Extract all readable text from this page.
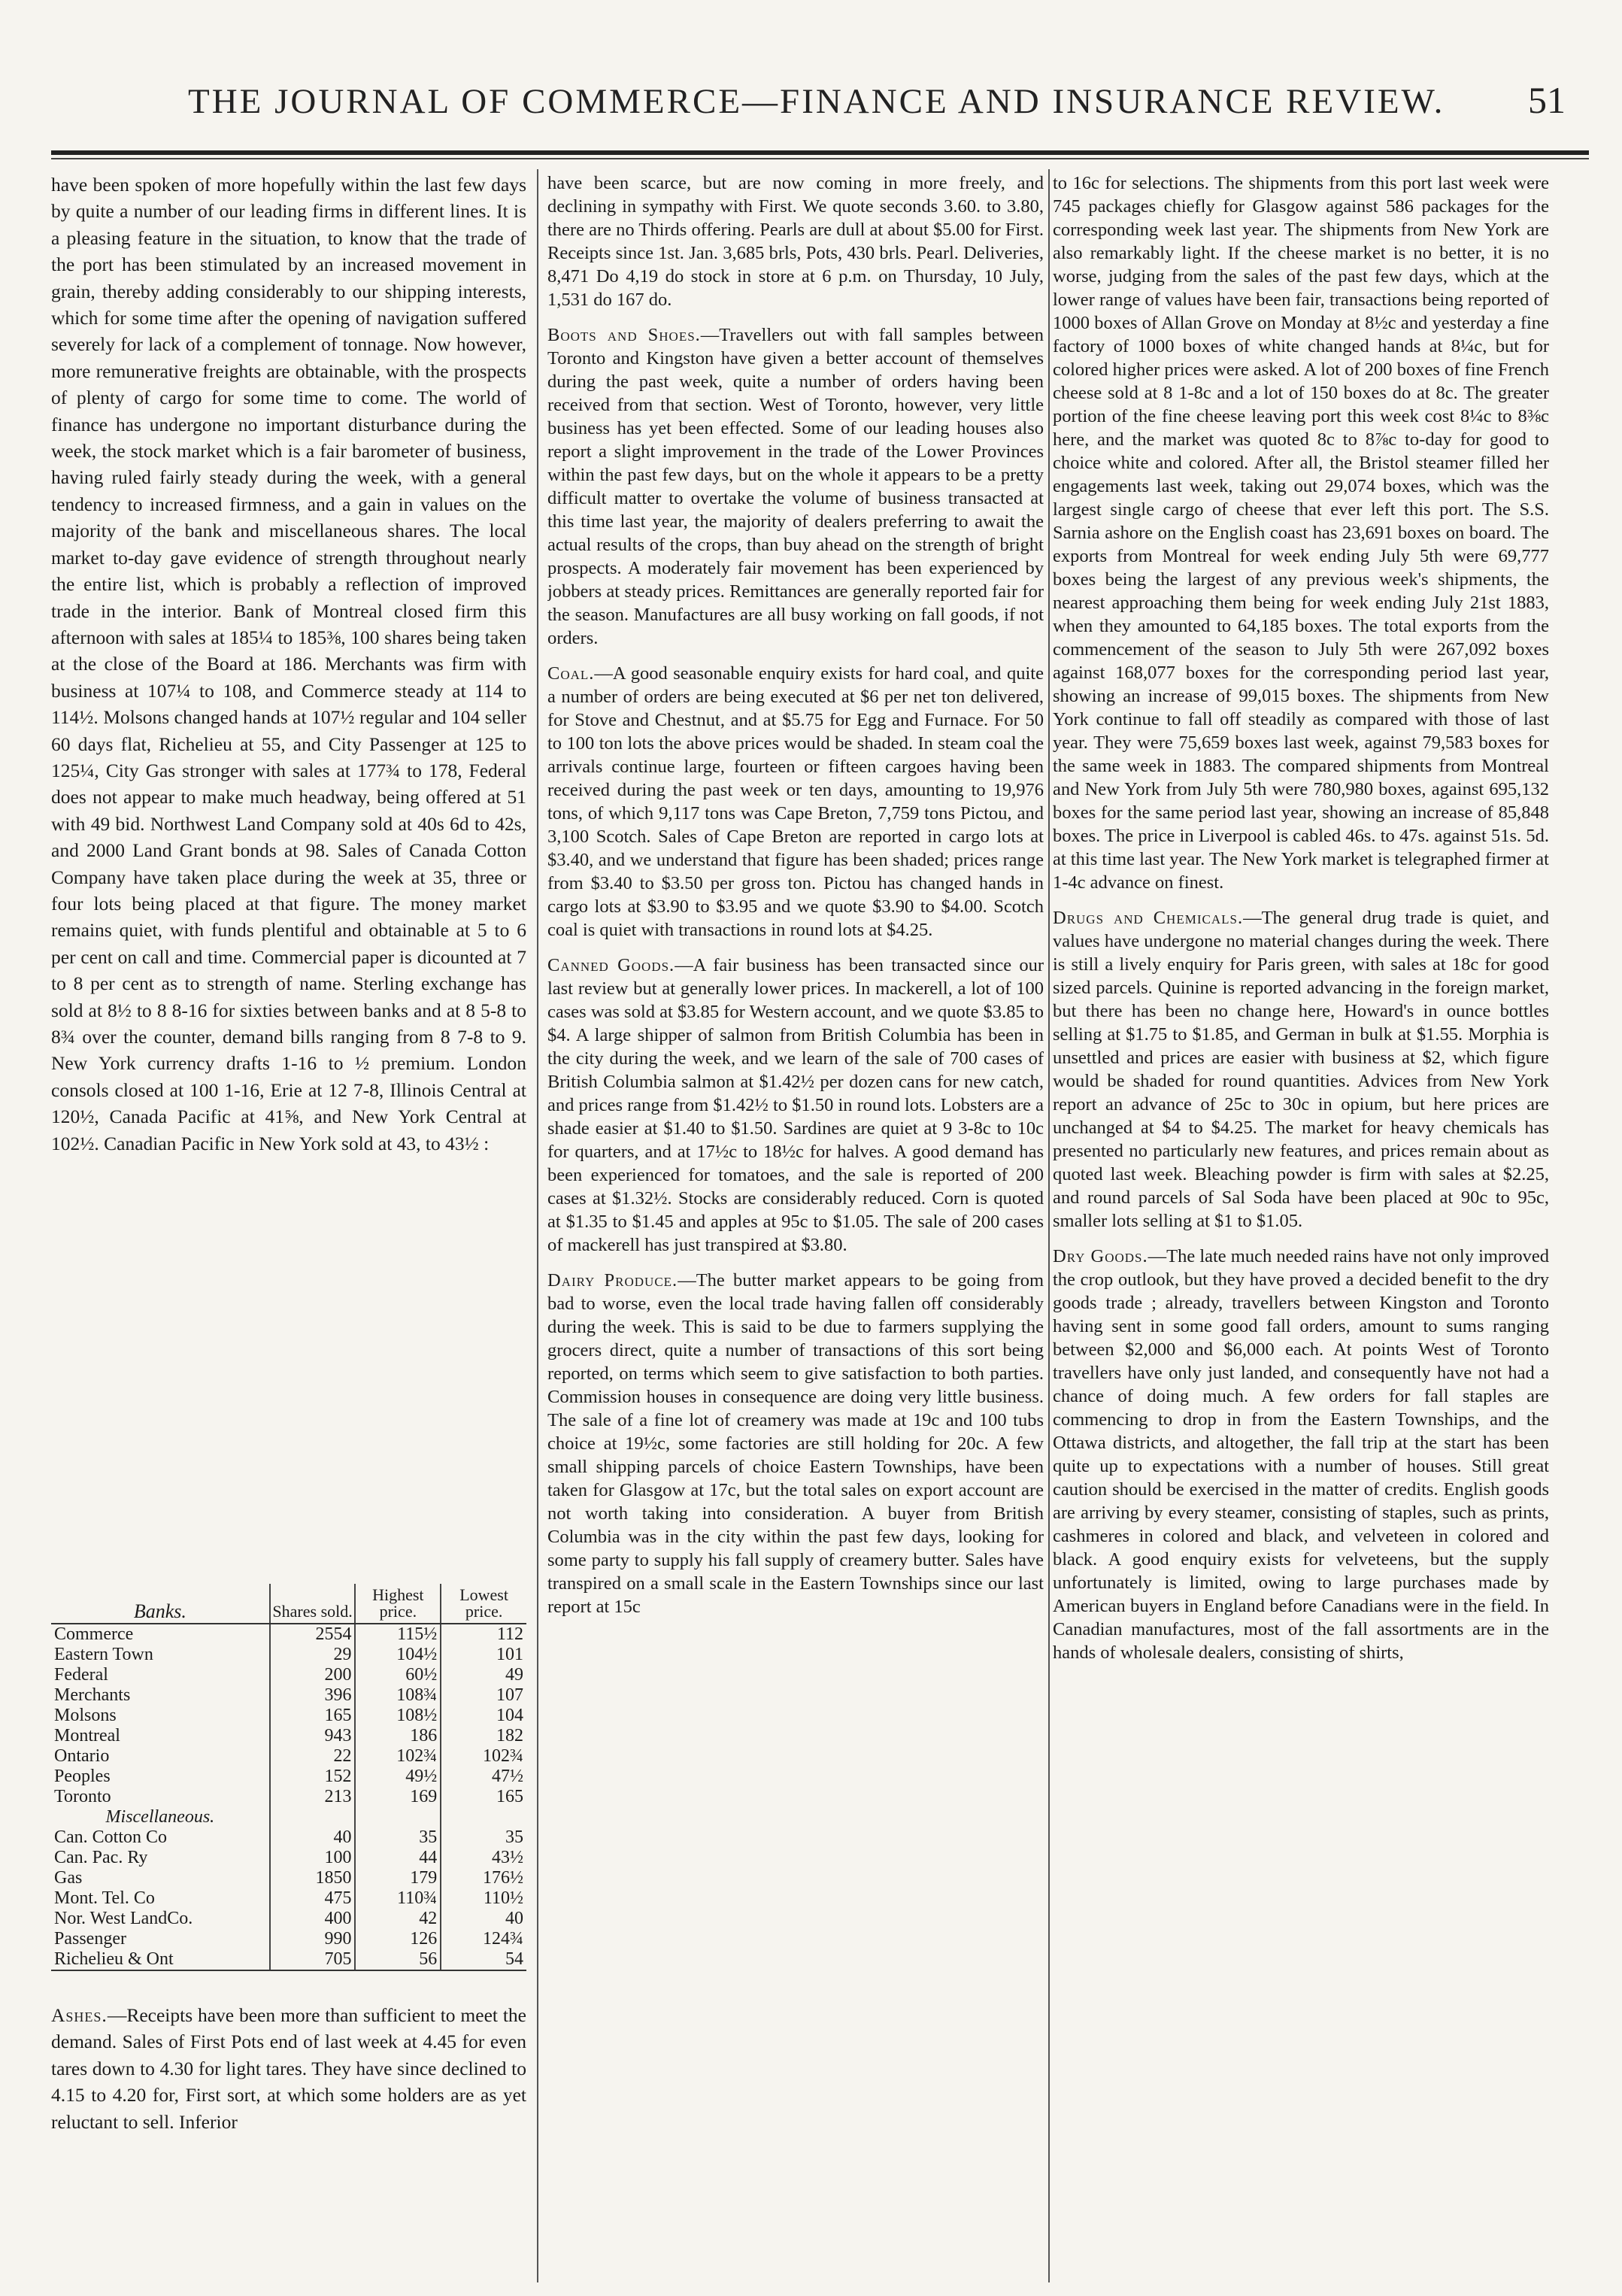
THE JOURNAL OF COMMERCE—FINANCE AND INSURANCE REVIEW. 51

have been spoken of more hopefully within the last few days by quite a number of our leading firms in different lines. It is a pleasing feature in the situation, to know that the trade of the port has been stimulated by an increased movement in grain, thereby adding considerably to our shipping interests, which for some time after the opening of navigation suffered severely for lack of a complement of tonnage. Now however, more remunerative freights are obtainable, with the prospects of plenty of cargo for some time to come. The world of finance has undergone no important disturbance during the week, the stock market which is a fair barometer of business, having ruled fairly steady during the week, with a general tendency to increased firmness, and a gain in values on the majority of the bank and miscellaneous shares. The local market to-day gave evidence of strength throughout nearly the entire list, which is probably a reflection of improved trade in the interior. Bank of Montreal closed firm this afternoon with sales at 185¼ to 185⅜, 100 shares being taken at the close of the Board at 186. Merchants was firm with business at 107¼ to 108, and Commerce steady at 114 to 114½. Molsons changed hands at 107½ regular and 104 seller 60 days flat, Richelieu at 55, and City Passenger at 125 to 125¼, City Gas stronger with sales at 177¾ to 178, Federal does not appear to make much headway, being offered at 51 with 49 bid. Northwest Land Company sold at 40s 6d to 42s, and 2000 Land Grant bonds at 98. Sales of Canada Cotton Company have taken place during the week at 35, three or four lots being placed at that figure. The money market remains quiet, with funds plentiful and obtainable at 5 to 6 per cent on call and time. Commercial paper is dicounted at 7 to 8 per cent as to strength of name. Sterling exchange has sold at 8½ to 8 8-16 for sixties between banks and at 8 5-8 to 8¾ over the counter, demand bills ranging from 8 7-8 to 9. New York currency drafts 1-16 to ½ premium. London consols closed at 100 1-16, Erie at 12 7-8, Illinois Central at 120½, Canada Pacific at 41⅝, and New York Central at 102½. Canadian Pacific in New York sold at 43, to 43½ :

Banks.	Shares sold.	Highest price.	Lowest price.
Commerce	2554	115½	112
Eastern Town	29	104½	101
Federal	200	60½	49
Merchants	396	108¾	107
Molsons	165	108½	104
Montreal	943	186	182
Ontario	22	102¾	102¾
Peoples	152	49½	47½
Toronto	213	169	165
Miscellaneous.			
Can. Cotton Co	40	35	35
Can. Pac. Ry	100	44	43½
Gas	1850	179	176½
Mont. Tel. Co	475	110¾	110½
Nor. West LandCo.	400	42	40
Passenger	990	126	124¾
Richelieu & Ont	705	56	54

Ashes.—Receipts have been more than sufficient to meet the demand. Sales of First Pots end of last week at 4.45 for even tares down to 4.30 for light tares. They have since declined to 4.15 to 4.20 for, First sort, at which some holders are as yet reluctant to sell. Inferior

have been scarce, but are now coming in more freely, and declining in sympathy with First. We quote seconds 3.60. to 3.80, there are no Thirds offering. Pearls are dull at about $5.00 for First. Receipts since 1st. Jan. 3,685 brls, Pots, 430 brls. Pearl. Deliveries, 8,471 Do 4,19 do stock in store at 6 p.m. on Thursday, 10 July, 1,531 do 167 do.

Boots and Shoes.—Travellers out with fall samples between Toronto and Kingston have given a better account of themselves during the past week, quite a number of orders having been received from that section. West of Toronto, however, very little business has yet been effected. Some of our leading houses also report a slight improvement in the trade of the Lower Provinces within the past few days, but on the whole it appears to be a pretty difficult matter to overtake the volume of business transacted at this time last year, the majority of dealers preferring to await the actual results of the crops, than buy ahead on the strength of bright prospects. A moderately fair movement has been experienced by jobbers at steady prices. Remittances are generally reported fair for the season. Manufactures are all busy working on fall goods, if not orders.

Coal.—A good seasonable enquiry exists for hard coal, and quite a number of orders are being executed at $6 per net ton delivered, for Stove and Chestnut, and at $5.75 for Egg and Furnace. For 50 to 100 ton lots the above prices would be shaded. In steam coal the arrivals continue large, fourteen or fifteen cargoes having been received during the past week or ten days, amounting to 19,976 tons, of which 9,117 tons was Cape Breton, 7,759 tons Pictou, and 3,100 Scotch. Sales of Cape Breton are reported in cargo lots at $3.40, and we understand that figure has been shaded; prices range from $3.40 to $3.50 per gross ton. Pictou has changed hands in cargo lots at $3.90 to $3.95 and we quote $3.90 to $4.00. Scotch coal is quiet with transactions in round lots at $4.25.

Canned Goods.—A fair business has been transacted since our last review but at generally lower prices. In mackerell, a lot of 100 cases was sold at $3.85 for Western account, and we quote $3.85 to $4. A large shipper of salmon from British Columbia has been in the city during the week, and we learn of the sale of 700 cases of British Columbia salmon at $1.42½ per dozen cans for new catch, and prices range from $1.42½ to $1.50 in round lots. Lobsters are a shade easier at $1.40 to $1.50. Sardines are quiet at 9 3-8c to 10c for quarters, and at 17½c to 18½c for halves. A good demand has been experienced for tomatoes, and the sale is reported of 200 cases at $1.32½. Stocks are considerably reduced. Corn is quoted at $1.35 to $1.45 and apples at 95c to $1.05. The sale of 200 cases of mackerell has just transpired at $3.80.

Dairy Produce.—The butter market appears to be going from bad to worse, even the local trade having fallen off considerably during the week. This is said to be due to farmers supplying the grocers direct, quite a number of transactions of this sort being reported, on terms which seem to give satisfaction to both parties. Commission houses in consequence are doing very little business. The sale of a fine lot of creamery was made at 19c and 100 tubs choice at 19½c, some factories are still holding for 20c. A few small shipping parcels of choice Eastern Townships, have been taken for Glasgow at 17c, but the total sales on export account are not worth taking into consideration. A buyer from British Columbia was in the city within the past few days, looking for some party to supply his fall supply of creamery butter. Sales have transpired on a small scale in the Eastern Townships since our last report at 15c

to 16c for selections. The shipments from this port last week were 745 packages chiefly for Glasgow against 586 packages for the corresponding week last year. The shipments from New York are also remarkably light. If the cheese market is no better, it is no worse, judging from the sales of the past few days, which at the lower range of values have been fair, transactions being reported of 1000 boxes of Allan Grove on Monday at 8½c and yesterday a fine factory of 1000 boxes of white changed hands at 8¼c, but for colored higher prices were asked. A lot of 200 boxes of fine French cheese sold at 8 1-8c and a lot of 150 boxes do at 8c. The greater portion of the fine cheese leaving port this week cost 8¼c to 8⅜c here, and the market was quoted 8c to 8⅞c to-day for good to choice white and colored. After all, the Bristol steamer filled her engagements last week, taking out 29,074 boxes, which was the largest single cargo of cheese that ever left this port. The S.S. Sarnia ashore on the English coast has 23,691 boxes on board. The exports from Montreal for week ending July 5th were 69,777 boxes being the largest of any previous week's shipments, the nearest approaching them being for week ending July 21st 1883, when they amounted to 64,185 boxes. The total exports from the commencement of the season to July 5th were 267,092 boxes against 168,077 boxes for the corresponding period last year, showing an increase of 99,015 boxes. The shipments from New York continue to fall off steadily as compared with those of last year. They were 75,659 boxes last week, against 79,583 boxes for the same week in 1883. The compared shipments from Montreal and New York from July 5th were 780,980 boxes, against 695,132 boxes for the same period last year, showing an increase of 85,848 boxes. The price in Liverpool is cabled 46s. to 47s. against 51s. 5d. at this time last year. The New York market is telegraphed firmer at 1-4c advance on finest.

Drugs and Chemicals.—The general drug trade is quiet, and values have undergone no material changes during the week. There is still a lively enquiry for Paris green, with sales at 18c for good sized parcels. Quinine is reported advancing in the foreign market, but there has been no change here, Howard's in ounce bottles selling at $1.75 to $1.85, and German in bulk at $1.55. Morphia is unsettled and prices are easier with business at $2, which figure would be shaded for round quantities. Advices from New York report an advance of 25c to 30c in opium, but here prices are unchanged at $4 to $4.25. The market for heavy chemicals has presented no particularly new features, and prices remain about as quoted last week. Bleaching powder is firm with sales at $2.25, and round parcels of Sal Soda have been placed at 90c to 95c, smaller lots selling at $1 to $1.05.

Dry Goods.—The late much needed rains have not only improved the crop outlook, but they have proved a decided benefit to the dry goods trade ; already, travellers between Kingston and Toronto having sent in some good fall orders, amount to sums ranging between $2,000 and $6,000 each. At points West of Toronto travellers have only just landed, and consequently have not had a chance of doing much. A few orders for fall staples are commencing to drop in from the Eastern Townships, and the Ottawa districts, and altogether, the fall trip at the start has been quite up to expectations with a number of houses. Still great caution should be exercised in the matter of credits. English goods are arriving by every steamer, consisting of staples, such as prints, cashmeres in colored and black, and velveteen in colored and black. A good enquiry exists for velveteens, but the supply unfortunately is limited, owing to large purchases made by American buyers in England before Canadians were in the field. In Canadian manufactures, most of the fall assortments are in the hands of wholesale dealers, consisting of shirts,
